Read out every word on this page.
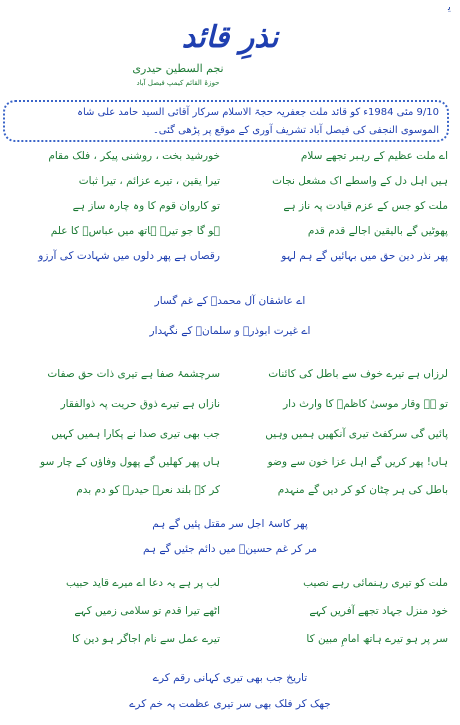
ﯾ
نذرِ قائد
نجم السطین حیدری
حوزۃ القائم کیمپ فیصل آباد
9/10 مئی 1984ء کو قائد ملت جعفریہ حجۃ الاسلام سرکار آقائی السید حامد علی شاہ
الموسوی النجفی کی فیصل آباد تشریف آوری کے موقع پر پڑھی گئی۔
اے ملت عظیم کے رہبر تجھے سلام
خورشید بخت ، روشنی پیکر ، فلک مقام
ہیں اہل دل کے واسطے اک مشعل نجات
تیرا یقین ، تیرے عزائم ، تیرا ثبات
ملت کو جس کے عزم قیادت پہ ناز ہے
تو کاروان قوم کا وہ چارہ ساز ہے
پھوٹیں گے بالیقین اجالے قدم قدم
ہو گا جو تیرے ہاتھ میں عباسؑ کا علم
پھر نذر دین حق میں بہائیں گے ہم لہو
رقصاں ہے پھر دلوں میں شہادت کی آرزو
اے عاشقان آل محمدؐ کے غم گسار
اے غیرت ابوذرؓ و سلمانؓ کے نگہدار
لرزاں ہے تیرے خوف سے باطل کی کائنات
سرچشمۂ صفا ہے تیری ذات حق صفات
تو ہے وقار موسیٰ کاظمؑ کا وارث دار
نازاں ہے تیرے ذوق حریت پہ ذوالفقار
پائیں گی سرکفٹ تیری آنکھیں ہمیں وہیں
جب بھی تیری صدا نے پکارا ہمیں کہیں
ہاں! پھر کریں گے اہل عزا خون سے وضو
ہاں پھر کھلیں گے پھول وفاؤں کے چار سو
باطل کی ہر چٹان کو کر دیں گے منہدم
کر کے بلند نعرۂ حیدرؑ کو دم بدم
پھر کاسۂ اجل سر مقتل پئیں گے ہم
مر کر غم حسینؑ میں دائم جئیں گے ہم
ملت کو تیری رہنمائی رہے نصیب
لب پر ہے یہ دعا اے میرے قاید حبیب
خود منزل جہاد تجھے آفریں کہے
اٹھے تیرا قدم تو سلامی زمیں کہے
سر پر ہو تیرے ہاتھ امامِ مبین کا
تیرے عمل سے نام اجاگر ہو دین کا
تاریخ جب بھی تیری کہانی رقم کرے
جھک کر فلک بھی سر تیری عظمت پہ خم کرے
